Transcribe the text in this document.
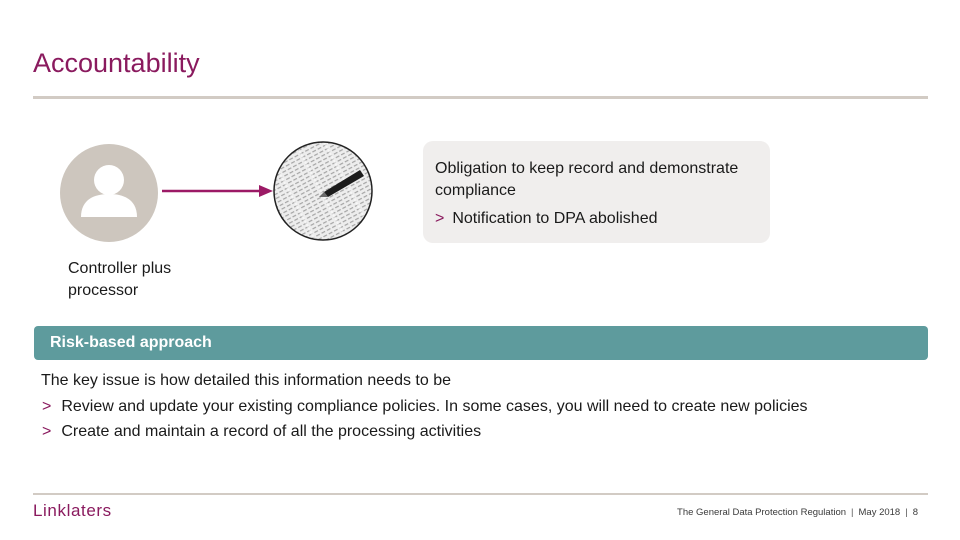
Accountability
Obligation to keep record and demonstrate compliance
> Notification to DPA abolished
Controller plus processor
Risk-based approach
The key issue is how detailed this information needs to be
> Review and update your existing compliance policies. In some cases, you will need to create new policies
> Create and maintain a record of all the processing activities
Linklaters	The General Data Protection Regulation | May 2018 | 8
